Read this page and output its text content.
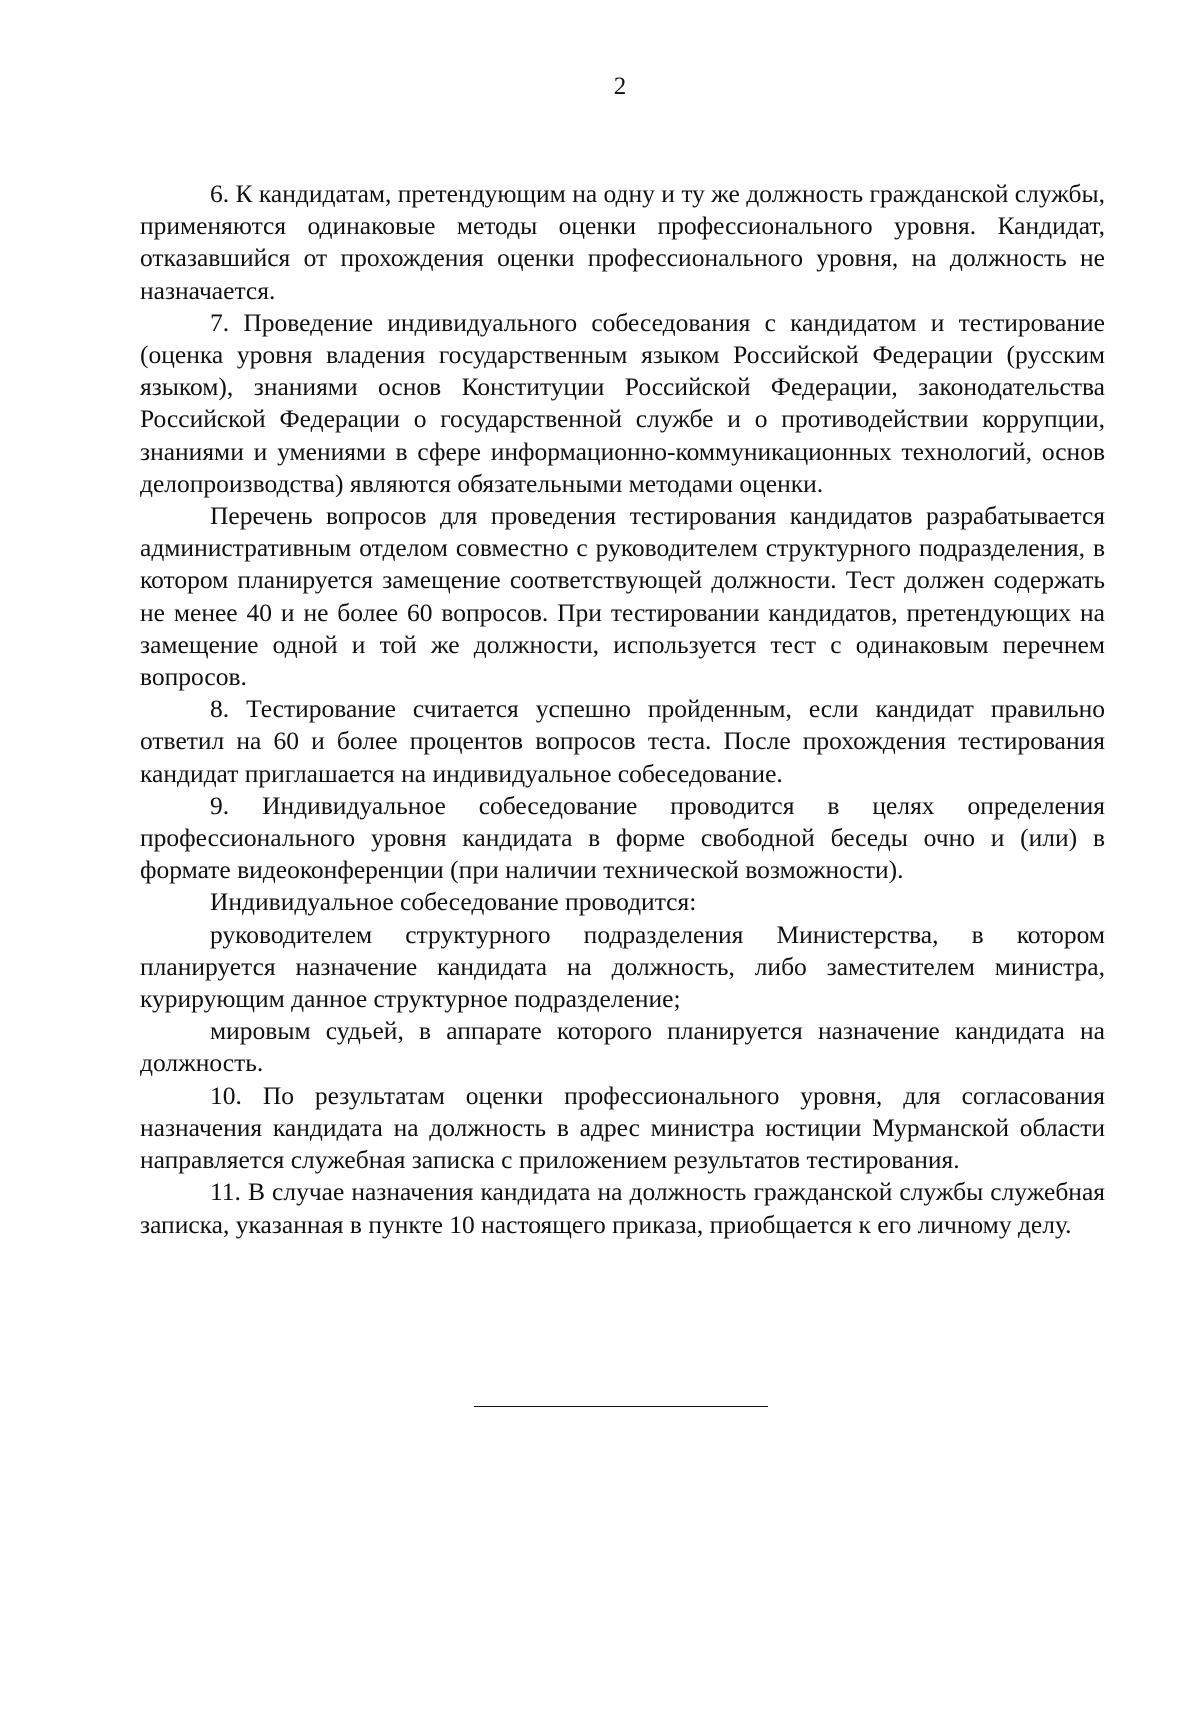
2

6. К кандидатам, претендующим на одну и ту же должность гражданской службы, применяются одинаковые методы оценки профессионального уровня. Кандидат, отказавшийся от прохождения оценки профессионального уровня, на должность не назначается.

7. Проведение индивидуального собеседования с кандидатом и тестирование (оценка уровня владения государственным языком Российской Федерации (русским языком), знаниями основ Конституции Российской Федерации, законодательства Российской Федерации о государственной службе и о противодействии коррупции, знаниями и умениями в сфере информационно-коммуникационных технологий, основ делопроизводства) являются обязательными методами оценки.

Перечень вопросов для проведения тестирования кандидатов разрабатывается административным отделом совместно с руководителем структурного подразделения, в котором планируется замещение соответствующей должности. Тест должен содержать не менее 40 и не более 60 вопросов. При тестировании кандидатов, претендующих на замещение одной и той же должности, используется тест с одинаковым перечнем вопросов.

8. Тестирование считается успешно пройденным, если кандидат правильно ответил на 60 и более процентов вопросов теста. После прохождения тестирования кандидат приглашается на индивидуальное собеседование.

9. Индивидуальное собеседование проводится в целях определения профессионального уровня кандидата в форме свободной беседы очно и (или) в формате видеоконференции (при наличии технической возможности).

Индивидуальное собеседование проводится:

руководителем структурного подразделения Министерства, в котором планируется назначение кандидата на должность, либо заместителем министра, курирующим данное структурное подразделение;

мировым судьей, в аппарате которого планируется назначение кандидата на должность.

10. По результатам оценки профессионального уровня, для согласования назначения кандидата на должность в адрес министра юстиции Мурманской области направляется служебная записка с приложением результатов тестирования.

11. В случае назначения кандидата на должность гражданской службы служебная записка, указанная в пункте 10 настоящего приказа, приобщается к его личному делу.
